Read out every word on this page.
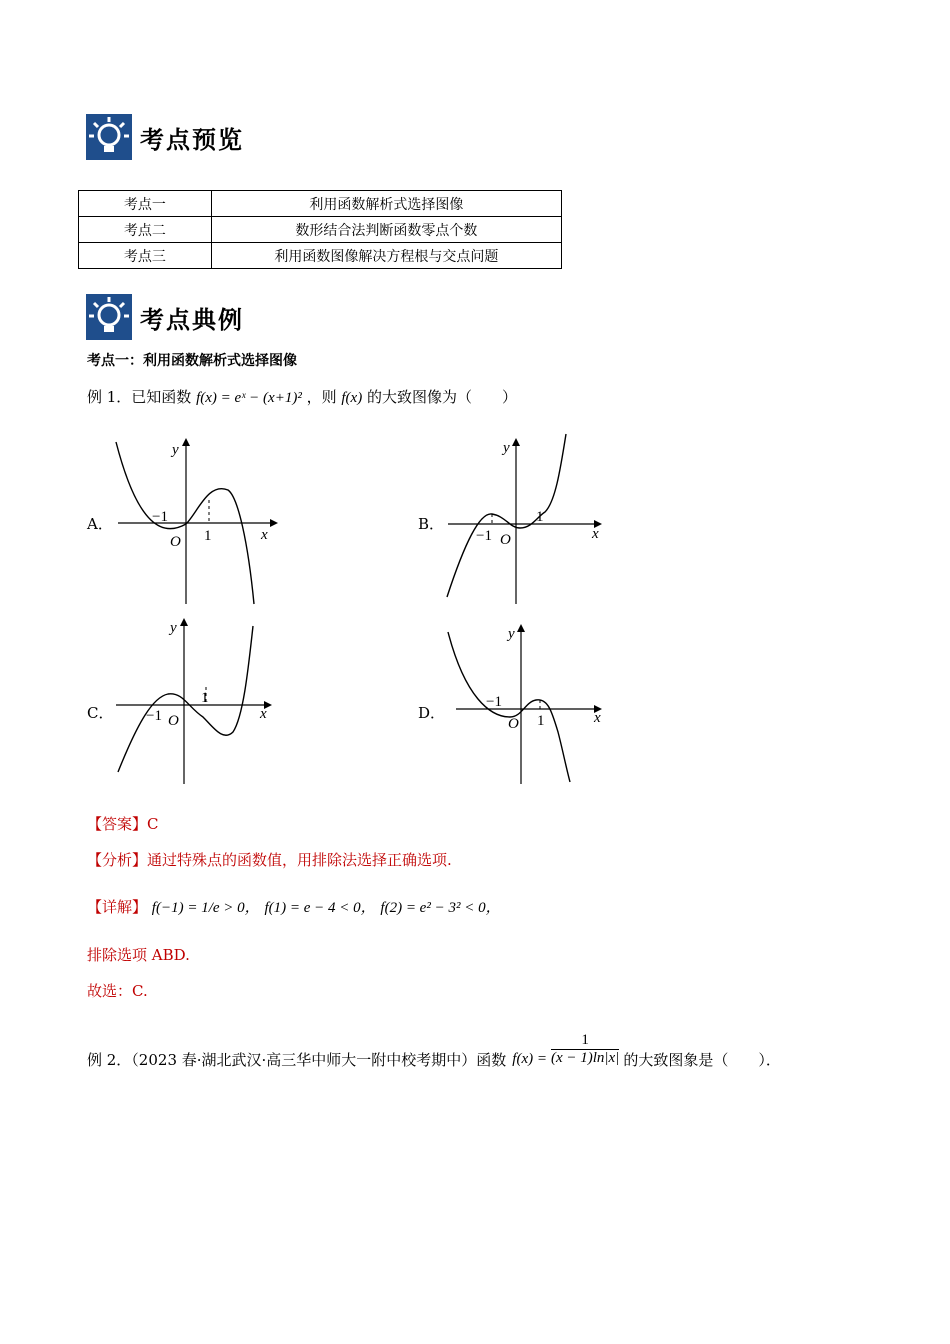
考点预览
考点一	利用函数解析式选择图像
考点二	数形结合法判断函数零点个数
考点三	利用函数图像解决方程根与交点问题
考点典例
考点一：利用函数解析式选择图像
例 1．已知函数 f(x) = eˣ − (x+1)² ，则 f(x) 的大致图像为（　　）
A．
y
x
O
−1
1
B．
y
x
O
−1
1
C．
y
x
O
−1
1
D．
y
x
O
−1
1
【答案】C
【分析】通过特殊点的函数值，用排除法选择正确选项.
【详解】 f(−1) = 1/e > 0， f(1) = e − 4 < 0， f(2) = e² − 3² < 0，
排除选项 ABD.
故选：C.
例 2．（2023 春·湖北武汉·高三华中师大一附中校考期中）函数 $f(x) = \frac{1}{(x - 1)\ln|x|}$ 的大致图象是（　　）．
